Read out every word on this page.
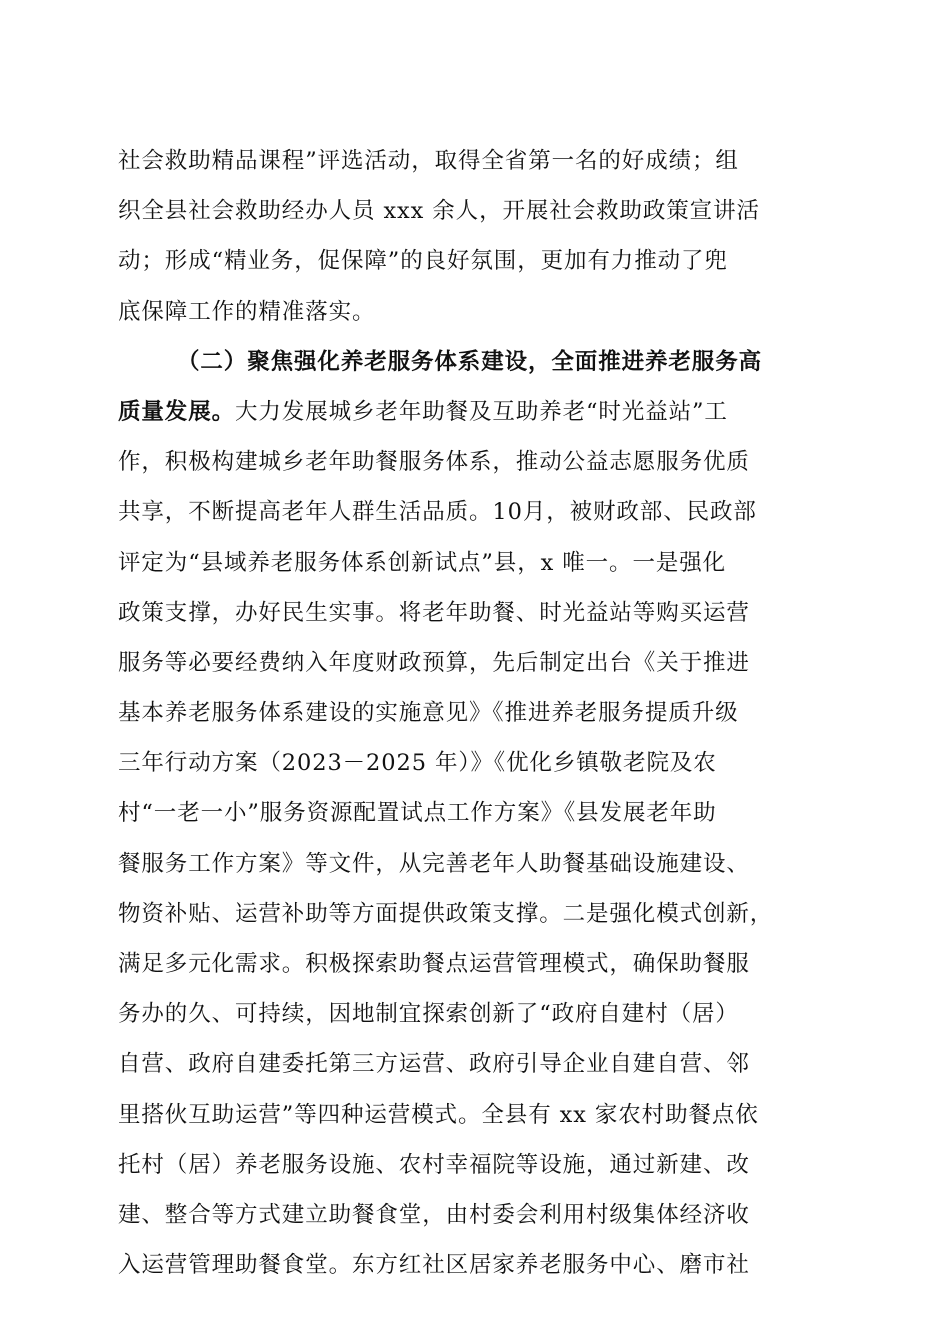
社会救助精品课程”评选活动，取得全省第一名的好成绩；组
织全县社会救助经办人员 xxx 余人，开展社会救助政策宣讲活
动；形成“精业务，促保障”的良好氛围，更加有力推动了兜
底保障工作的精准落实。
（二）聚焦强化养老服务体系建设，全面推进养老服务高
质量发展。大力发展城乡老年助餐及互助养老“时光益站”工
作，积极构建城乡老年助餐服务体系，推动公益志愿服务优质
共享，不断提高老年人群生活品质。10月，被财政部、民政部
评定为“县域养老服务体系创新试点”县，x 唯一。一是强化
政策支撑，办好民生实事。将老年助餐、时光益站等购买运营
服务等必要经费纳入年度财政预算，先后制定出台《关于推进
基本养老服务体系建设的实施意见》《推进养老服务提质升级
三年行动方案（2023－2025 年）》《优化乡镇敬老院及农
村“一老一小”服务资源配置试点工作方案》《县发展老年助
餐服务工作方案》等文件，从完善老年人助餐基础设施建设、
物资补贴、运营补助等方面提供政策支撑。二是强化模式创新，
满足多元化需求。积极探索助餐点运营管理模式，确保助餐服
务办的久、可持续，因地制宜探索创新了“政府自建村（居）
自营、政府自建委托第三方运营、政府引导企业自建自营、邻
里搭伙互助运营”等四种运营模式。全县有 xx 家农村助餐点依
托村（居）养老服务设施、农村幸福院等设施，通过新建、改
建、整合等方式建立助餐食堂，由村委会利用村级集体经济收
入运营管理助餐食堂。东方红社区居家养老服务中心、磨市社
